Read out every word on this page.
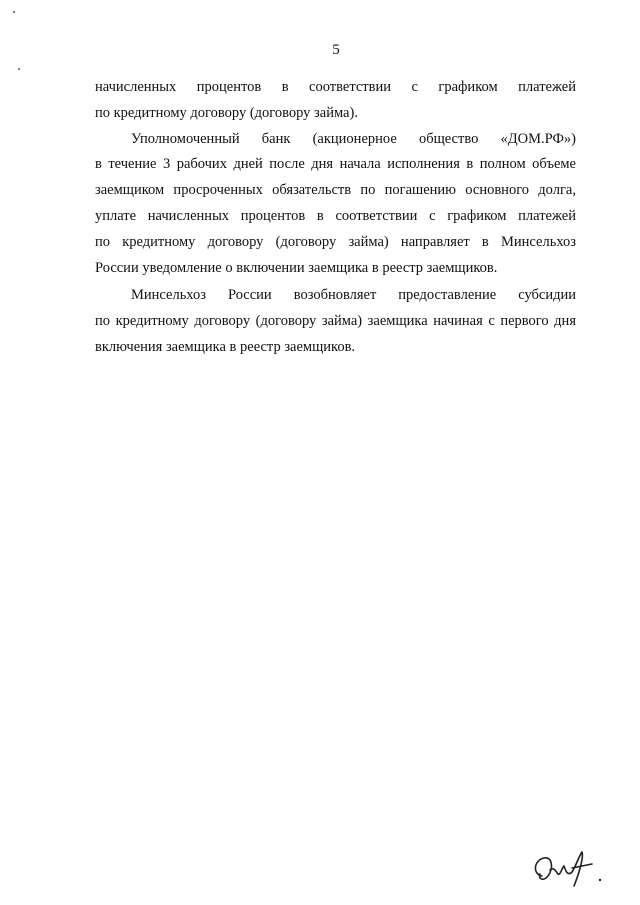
5
начисленных процентов в соответствии с графиком платежей
по кредитному договору (договору займа).
Уполномоченный банк (акционерное общество «ДОМ.РФ»)
в течение 3 рабочих дней после дня начала исполнения в полном объеме
заемщиком просроченных обязательств по погашению основного долга,
уплате начисленных процентов в соответствии с графиком платежей
по кредитному договору (договору займа) направляет в Минсельхоз
России уведомление о включении заемщика в реестр заемщиков.
Минсельхоз России возобновляет предоставление субсидии
по кредитному договору (договору займа) заемщика начиная с первого дня
включения заемщика в реестр заемщиков.
